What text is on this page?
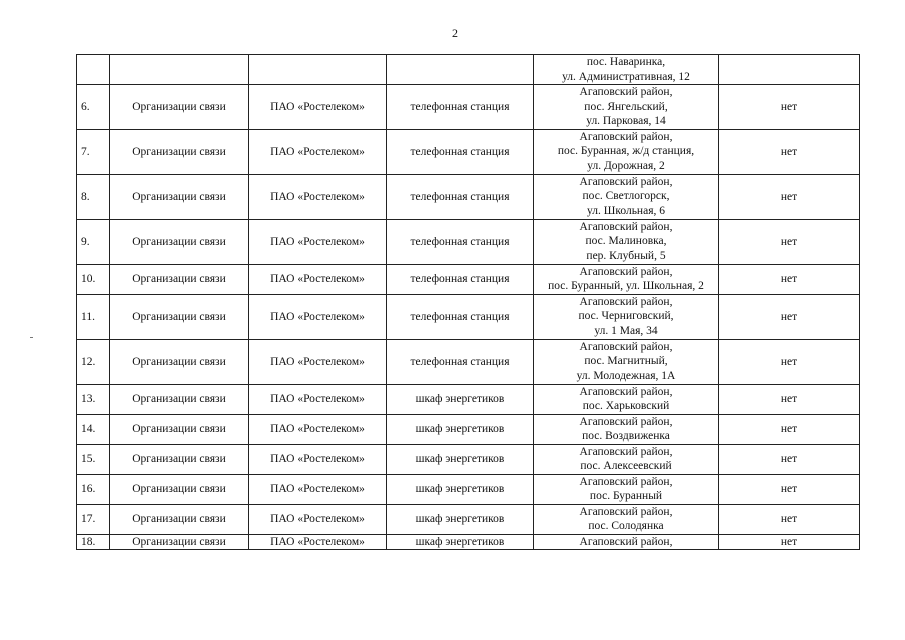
2

				пос. Наваринка,
ул. Административная, 12	

6.	Организации связи	ПАО «Ростелеком»	телефонная станция	Агаповский район,
пос. Янгельский,
ул. Парковая, 14	нет
7.	Организации связи	ПАО «Ростелеком»	телефонная станция	Агаповский район,
пос. Буранная, ж/д станция,
ул. Дорожная, 2	нет
8.	Организации связи	ПАО «Ростелеком»	телефонная станция	Агаповский район,
пос. Светлогорск,
ул. Школьная, 6	нет
9.	Организации связи	ПАО «Ростелеком»	телефонная станция	Агаповский район,
пос. Малиновка,
пер. Клубный, 5	нет
10.	Организации связи	ПАО «Ростелеком»	телефонная станция	Агаповский район,
пос. Буранный, ул. Школьная, 2	нет
11.	Организации связи	ПАО «Ростелеком»	телефонная станция	Агаповский район,
пос. Черниговский,
ул. 1 Мая, 34	нет
12.	Организации связи	ПАО «Ростелеком»	телефонная станция	Агаповский район,
пос. Магнитный,
ул. Молодежная, 1А	нет
13.	Организации связи	ПАО «Ростелеком»	шкаф энергетиков	Агаповский район,
пос. Харьковский	нет
14.	Организации связи	ПАО «Ростелеком»	шкаф энергетиков	Агаповский район,
пос. Воздвиженка	нет
15.	Организации связи	ПАО «Ростелеком»	шкаф энергетиков	Агаповский район,
пос. Алексеевский	нет
16.	Организации связи	ПАО «Ростелеком»	шкаф энергетиков	Агаповский район,
пос. Буранный	нет
17.	Организации связи	ПАО «Ростелеком»	шкаф энергетиков	Агаповский район,
пос. Солодянка	нет
18.	Организации связи	ПАО «Ростелеком»	шкаф энергетиков	Агаповский район,	нет
